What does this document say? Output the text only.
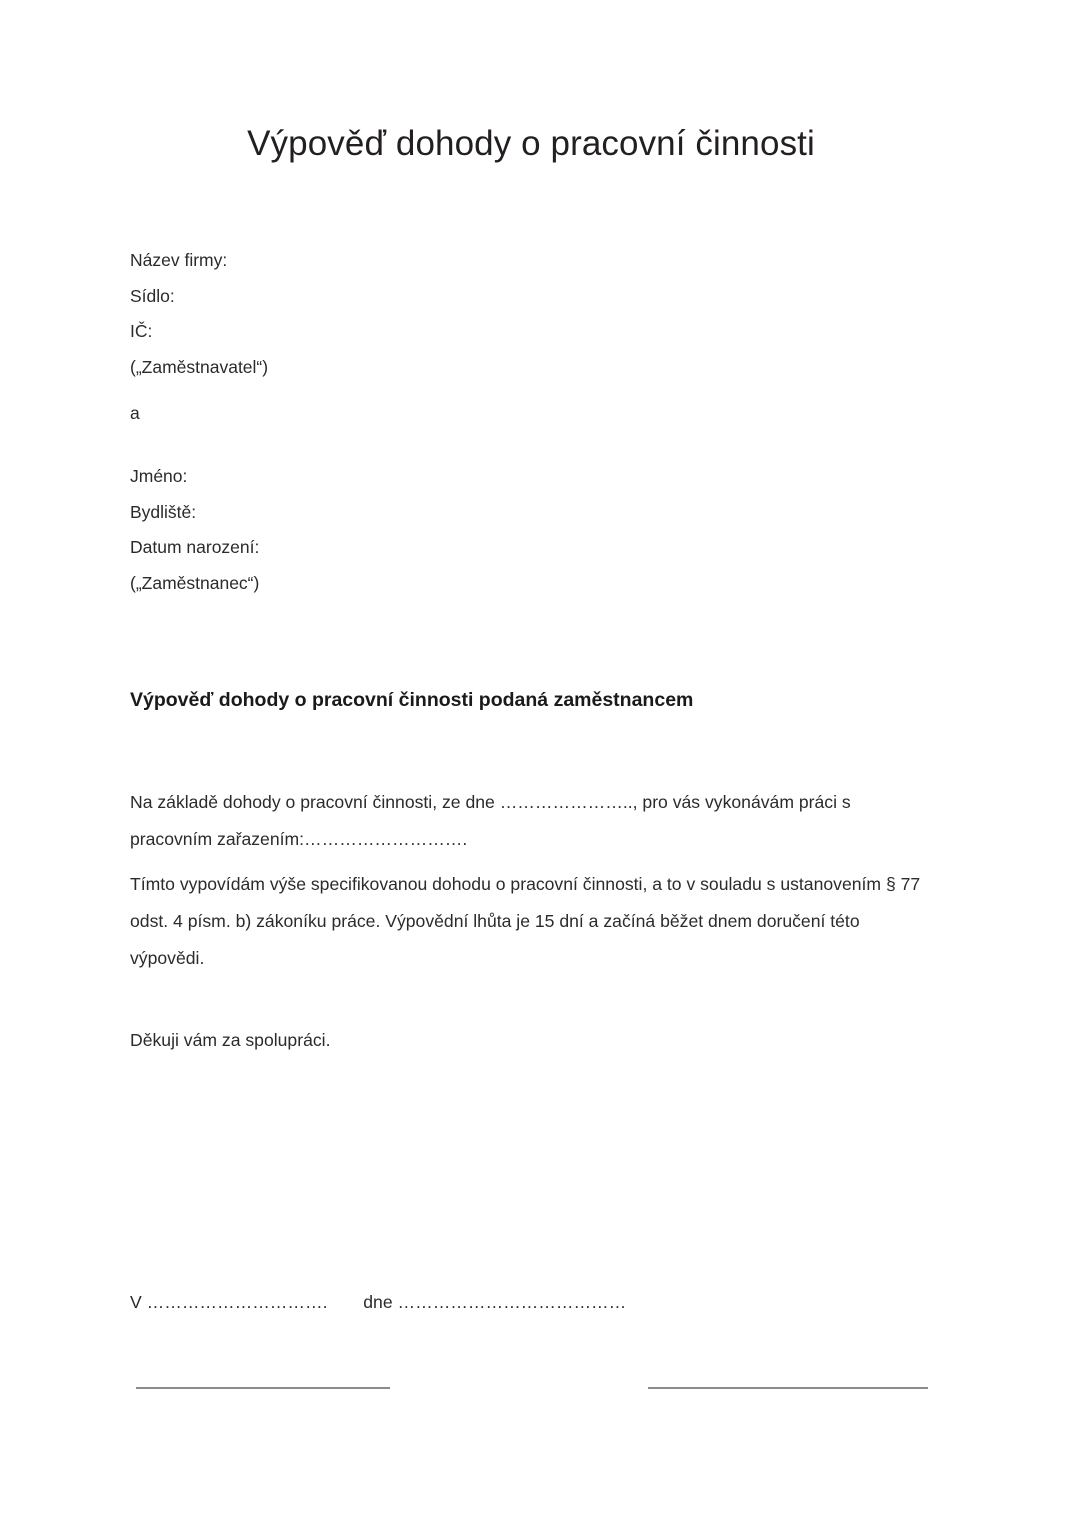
Výpověď dohody o pracovní činnosti
Název firmy:
Sídlo:
IČ:
(„Zaměstnavatel“)
a
Jméno:
Bydliště:
Datum narození:
(„Zaměstnanec“)
Výpověď dohody o pracovní činnosti podaná zaměstnancem

Na základě dohody o pracovní činnosti, ze dne ………………….., pro vás vykonávám práci s pracovním zařazením:……………………….

Tímto vypovídám výše specifikovanou dohodu o pracovní činnosti, a to v souladu s ustanovením § 77 odst. 4 písm. b) zákoníku práce. Výpovědní lhůta je 15 dní a začíná běžet dnem doručení této výpovědi.

Děkuji vám za spolupráci.

V …………………………. dne …………………………………
